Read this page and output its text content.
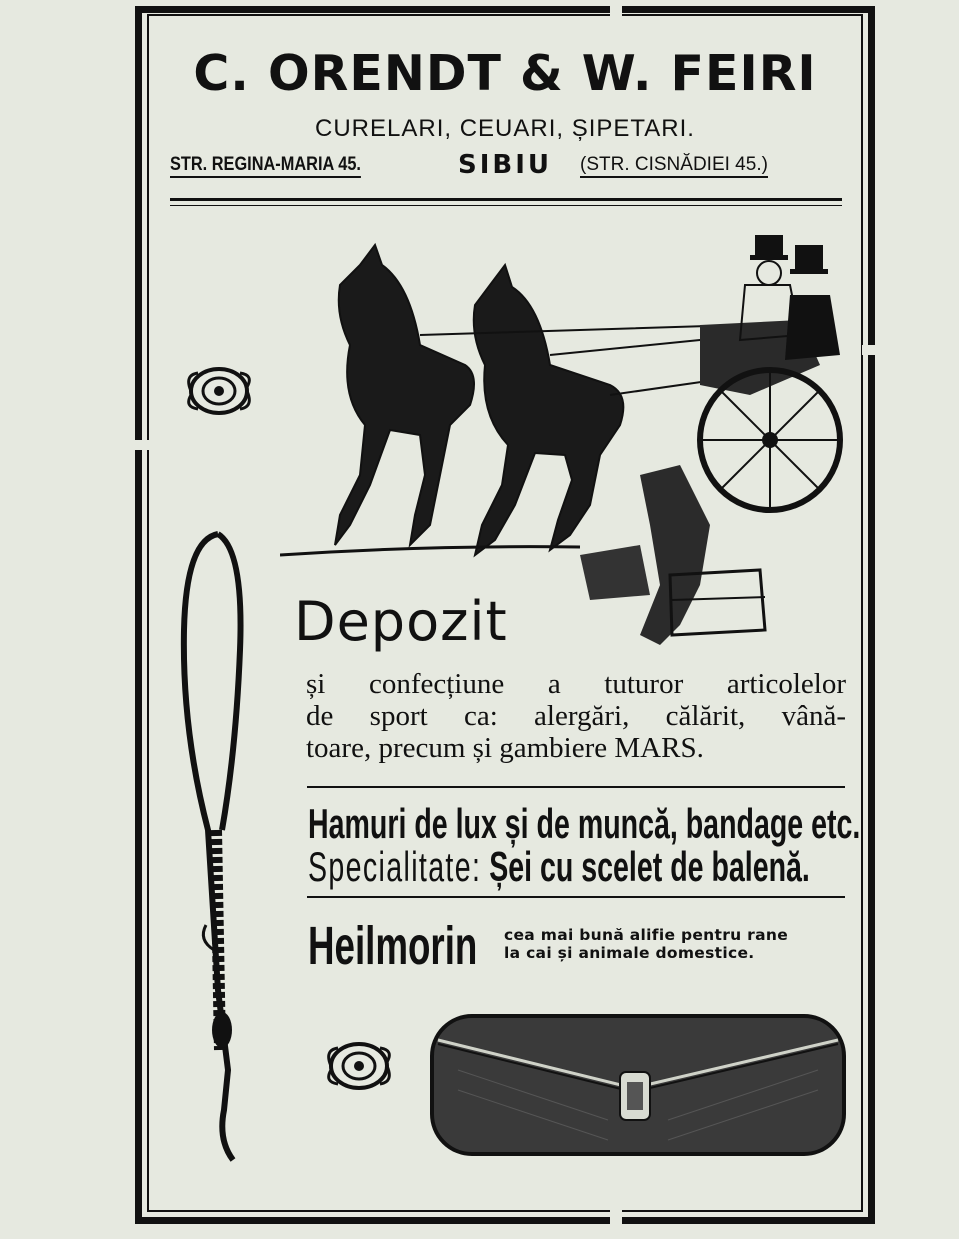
C. ORENDT & W. FEIRI
CURELARI, CEUARI, ȘIPETARI.
STR. REGINA-MARIA 45.	SIBIU (STR. CISNĂDIEI 45.)
Depozit
și confecțiune a tuturor articolelor
de sport ca: alergări, călărit, vână-
toare, precum și gambiere MARS.
Hamuri de lux și de muncă, bandage etc.
Specialitate: Șei cu scelet de balenă.
Heilmorin cea mai bună alifie pentru rane
la cai și animale domestice.
